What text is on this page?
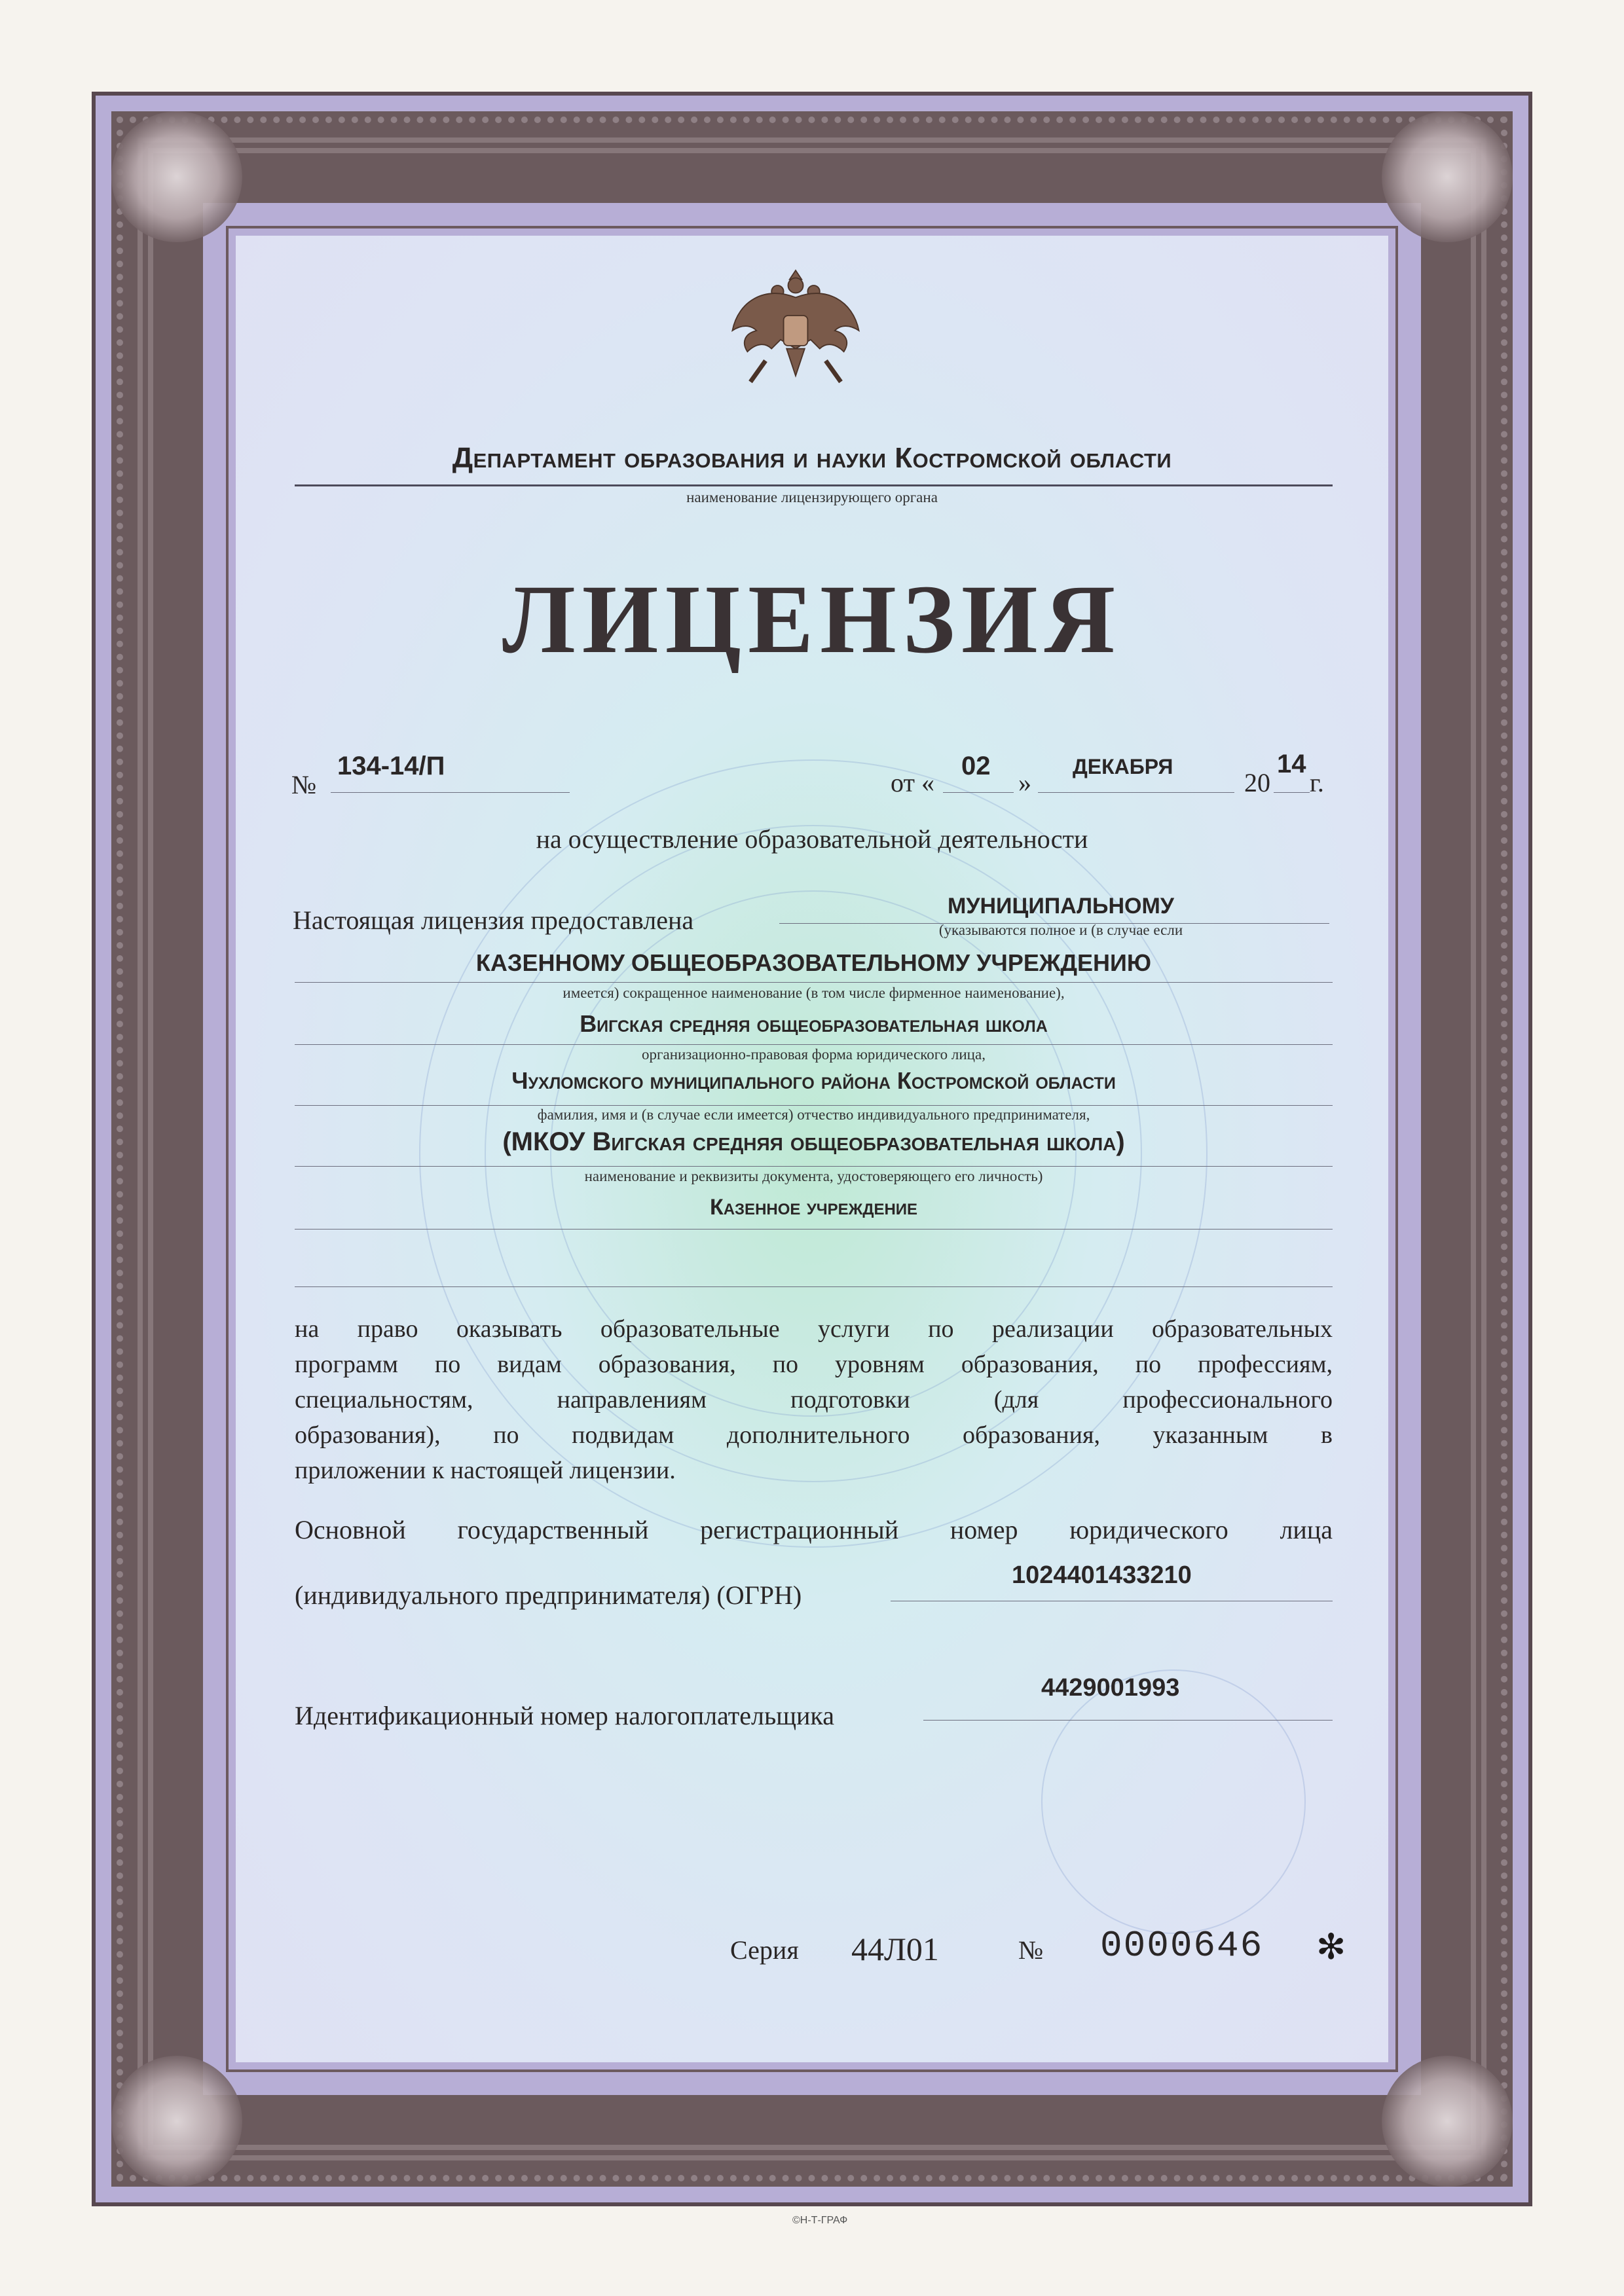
Департамент образования и науки Костромской области
наименование лицензирующего органа
ЛИЦЕНЗИЯ
№
134-14/П
от «
02
»
ДЕКАБРЯ
20
14
г.
на осуществление образовательной деятельности
Настоящая лицензия предоставлена	МУНИЦИПАЛЬНОМУ
(указываются полное и (в случае если
КАЗЕННОМУ ОБЩЕОБРАЗОВАТЕЛЬНОМУ УЧРЕЖДЕНИЮ
имеется) сокращенное наименование (в том числе фирменное наименование),
Вигская средняя общеобразовательная школа
организационно-правовая форма юридического лица,
Чухломского муниципального района Костромской области
фамилия, имя и (в случае если имеется) отчество индивидуального предпринимателя,
(МКОУ Вигская средняя общеобразовательная школа)
наименование и реквизиты документа, удостоверяющего его личность)
Казенное учреждение
на право оказывать образовательные услуги по реализации образовательных
программ по видам образования, по уровням образования, по профессиям,
специальностям, направлениям подготовки (для профессионального
образования), по подвидам дополнительного образования, указанным в
приложении к настоящей лицензии.
Основной государственный регистрационный номер юридического лица
(индивидуального предпринимателя) (ОГРН)
1024401433210
Идентификационный номер налогоплательщика
4429001993
Серия 44Л01	№ 0000646 ✻
©Н-Т-ГРАФ
